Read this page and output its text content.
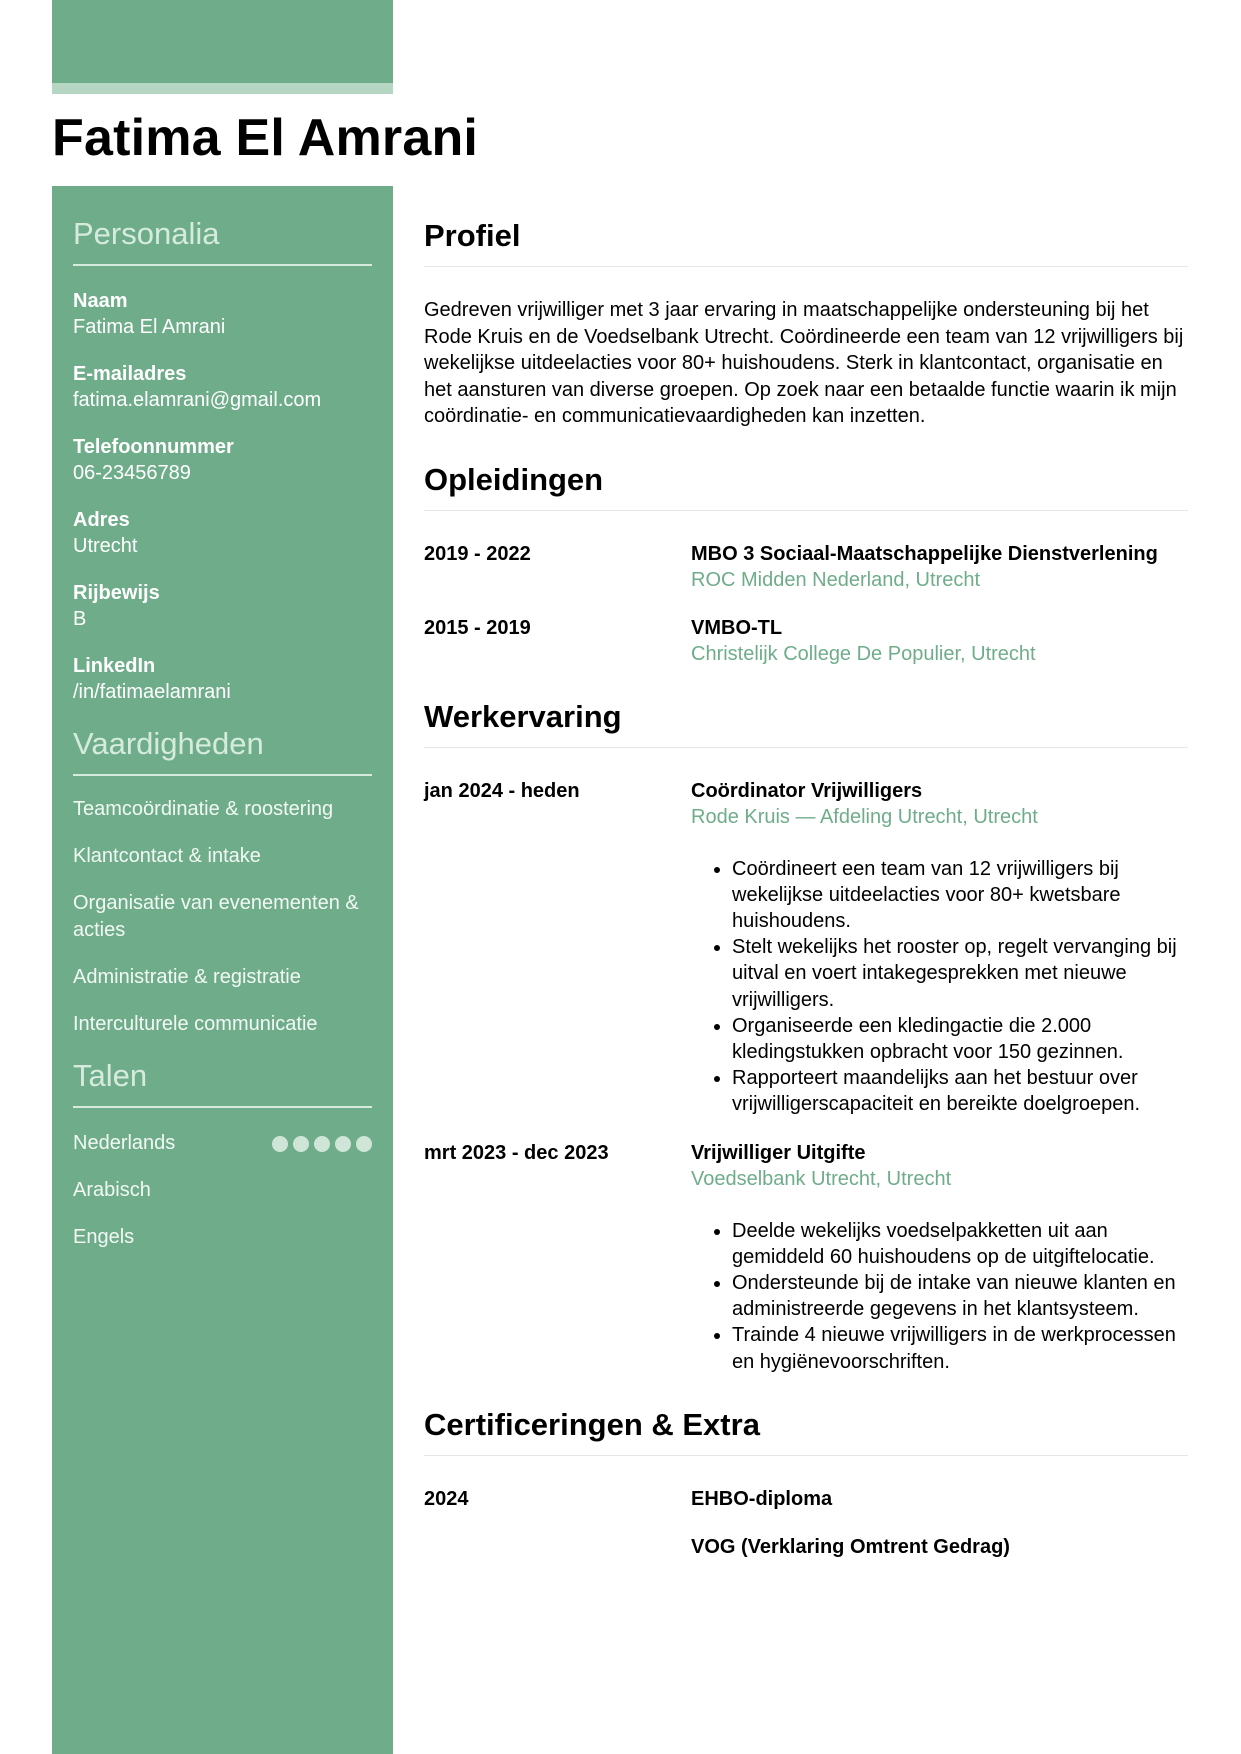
Fatima El Amrani
Personalia
Naam
Fatima El Amrani
E-mailadres
fatima.elamrani@gmail.com
Telefoonnummer
06-23456789
Adres
Utrecht
Rijbewijs
B
LinkedIn
/in/fatimaelamrani
Vaardigheden
Teamcoördinatie & roostering
Klantcontact & intake
Organisatie van evenementen & acties
Administratie & registratie
Interculturele communicatie
Talen
Nederlands
Arabisch
Engels
Profiel

Gedreven vrijwilliger met 3 jaar ervaring in maatschappelijke ondersteuning bij het Rode Kruis en de Voedselbank Utrecht. Coördineerde een team van 12 vrijwilligers bij wekelijkse uitdeelacties voor 80+ huishoudens. Sterk in klantcontact, organisatie en het aansturen van diverse groepen. Op zoek naar een betaalde functie waarin ik mijn coördinatie- en communicatievaardigheden kan inzetten.

Opleidingen
2019 - 2022	MBO 3 Sociaal-Maatschappelijke Dienstverlening
ROC Midden Nederland, Utrecht
2015 - 2019	VMBO-TL
Christelijk College De Populier, Utrecht
Werkervaring
jan 2024 - heden	Coördinator Vrijwilligers
Rode Kruis — Afdeling Utrecht, Utrecht
• Coördineert een team van 12 vrijwilligers bij wekelijkse uitdeelacties voor 80+ kwetsbare huishoudens.
• Stelt wekelijks het rooster op, regelt vervanging bij uitval en voert intakegesprekken met nieuwe vrijwilligers.
• Organiseerde een kledingactie die 2.000 kledingstukken opbracht voor 150 gezinnen.
• Rapporteert maandelijks aan het bestuur over vrijwilligerscapaciteit en bereikte doelgroepen.
mrt 2023 - dec 2023	Vrijwilliger Uitgifte
Voedselbank Utrecht, Utrecht
• Deelde wekelijks voedselpakketten uit aan gemiddeld 60 huishoudens op de uitgiftelocatie.
• Ondersteunde bij de intake van nieuwe klanten en administreerde gegevens in het klantsysteem.
• Trainde 4 nieuwe vrijwilligers in de werkprocessen en hygiënevoorschriften.
Certificeringen & Extra
2024	EHBO-diploma
VOG (Verklaring Omtrent Gedrag)
